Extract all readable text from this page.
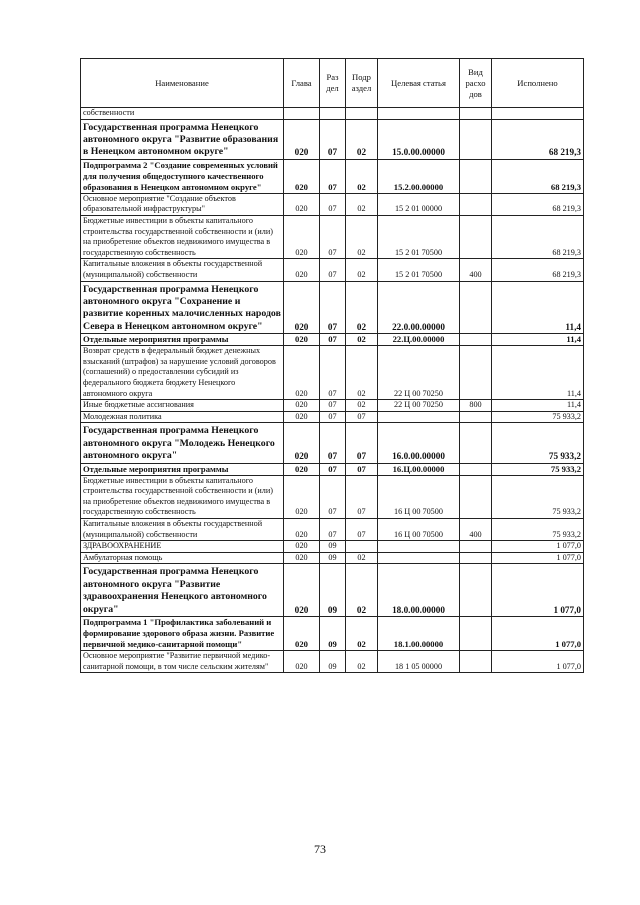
Наименование	Глава	Раз дел	Подр аздел	Целевая статья	Вид расхо дов	Исполнено
собственности						
Государственная программа Ненецкого автономного округа "Развитие образования в Ненецком автономном округе"	020	07	02	15.0.00.00000		68 219,3
Подпрограмма 2 "Создание современных условий для получения общедоступного качественного образования в Ненецком автономном округе"	020	07	02	15.2.00.00000		68 219,3
Основное мероприятие "Создание объектов образовательной инфраструктуры"	020	07	02	15 2 01 00000		68 219,3
Бюджетные инвестиции в объекты капитального строительства государственной собственности и (или) на приобретение объектов недвижимого имущества в государственную собственность	020	07	02	15 2 01 70500		68 219,3
Капитальные вложения в объекты государственной (муниципальной) собственности	020	07	02	15 2 01 70500	400	68 219,3
Государственная программа Ненецкого автономного округа "Сохранение и развитие коренных малочисленных народов Севера в Ненецком автономном округе"	020	07	02	22.0.00.00000		11,4
Отдельные мероприятия программы	020	07	02	22.Ц.00.00000		11,4
Возврат средств в федеральный бюджет денежных взысканий (штрафов) за нарушение условий договоров (соглашений) о предоставлении субсидий из федерального бюджета бюджету Ненецкого автономного округа	020	07	02	22 Ц 00 70250		11,4
Иные бюджетные ассигнования	020	07	02	22 Ц 00 70250	800	11,4
Молодежная политика	020	07	07			75 933,2
Государственная программа Ненецкого автономного округа "Молодежь Ненецкого автономного округа"	020	07	07	16.0.00.00000		75 933,2
Отдельные мероприятия программы	020	07	07	16.Ц.00.00000		75 933,2
Бюджетные инвестиции в объекты капитального строительства государственной собственности и (или) на приобретение объектов недвижимого имущества в государственную собственность	020	07	07	16 Ц 00 70500		75 933,2
Капитальные вложения в объекты государственной (муниципальной) собственности	020	07	07	16 Ц 00 70500	400	75 933,2
ЗДРАВООХРАНЕНИЕ	020	09				1 077,0
Амбулаторная помощь	020	09	02			1 077,0
Государственная программа Ненецкого автономного округа "Развитие здравоохранения Ненецкого автономного округа"	020	09	02	18.0.00.00000		1 077,0
Подпрограмма 1 "Профилактика заболеваний и формирование здорового образа жизни. Развитие первичной медико-санитарной помощи"	020	09	02	18.1.00.00000		1 077,0
Основное мероприятие "Развитие первичной медико-санитарной помощи, в том числе сельским жителям"	020	09	02	18 1 05 00000		1 077,0
73
